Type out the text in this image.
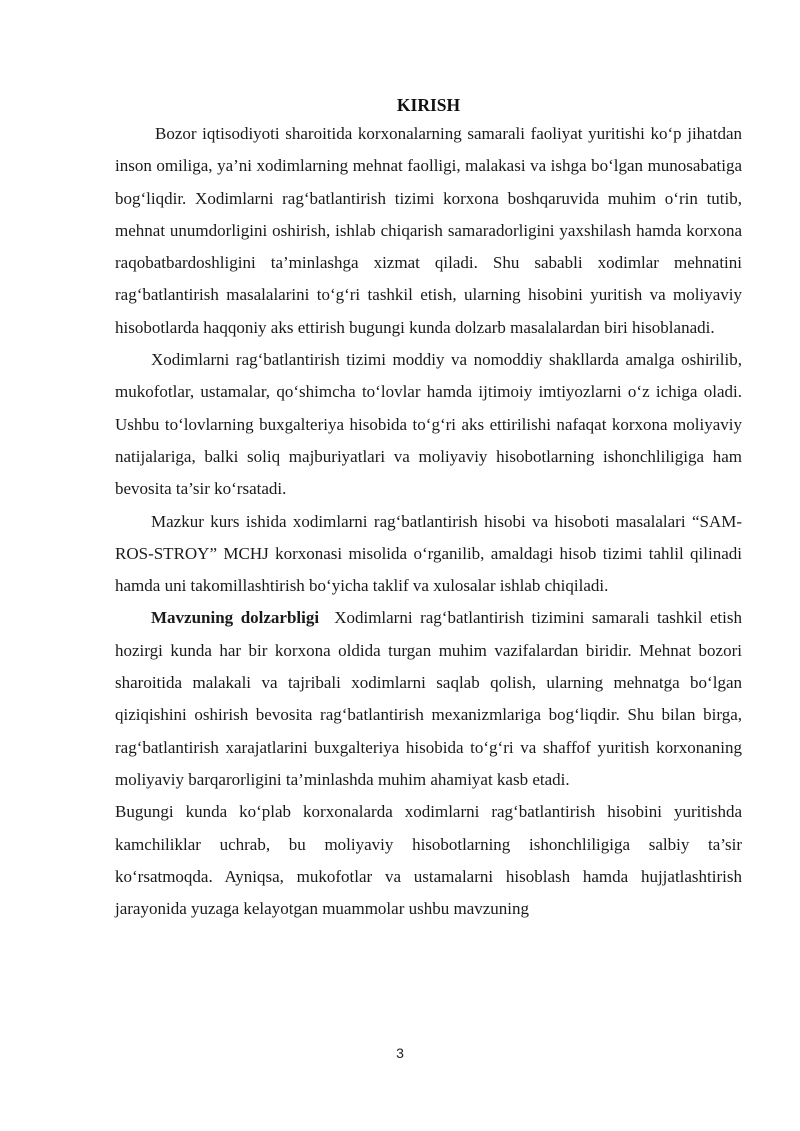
KIRISH

Bozor iqtisodiyoti sharoitida korxonalarning samarali faoliyat yuritishi ko‘p jihatdan inson omiliga, ya’ni xodimlarning mehnat faolligi, malakasi va ishga bo‘lgan munosabatiga bog‘liqdir. Xodimlarni rag‘batlantirish tizimi korxona boshqaruvida muhim o‘rin tutib, mehnat unumdorligini oshirish, ishlab chiqarish samaradorligini yaxshilash hamda korxona raqobatbardoshligini ta’minlashga xizmat qiladi. Shu sababli xodimlar mehnatini rag‘batlantirish masalalarini to‘g‘ri tashkil etish, ularning hisobini yuritish va moliyaviy hisobotlarda haqqoniy aks ettirish bugungi kunda dolzarb masalalardan biri hisoblanadi.

Xodimlarni rag‘batlantirish tizimi moddiy va nomoddiy shakllarda amalga oshirilib, mukofotlar, ustamalar, qo‘shimcha to‘lovlar hamda ijtimoiy imtiyozlarni o‘z ichiga oladi. Ushbu to‘lovlarning buxgalteriya hisobida to‘g‘ri aks ettirilishi nafaqat korxona moliyaviy natijalariga, balki soliq majburiyatlari va moliyaviy hisobotlarning ishonchliligiga ham bevosita ta’sir ko‘rsatadi.

Mazkur kurs ishida xodimlarni rag‘batlantirish hisobi va hisoboti masalalari “SAM-ROS-STROY” MCHJ korxonasi misolida o‘rganilib, amaldagi hisob tizimi tahlil qilinadi hamda uni takomillashtirish bo‘yicha taklif va xulosalar ishlab chiqiladi.

Mavzuning dolzarbligi Xodimlarni rag‘batlantirish tizimini samarali tashkil etish hozirgi kunda har bir korxona oldida turgan muhim vazifalardan biridir. Mehnat bozori sharoitida malakali va tajribali xodimlarni saqlab qolish, ularning mehnatga bo‘lgan qiziqishini oshirish bevosita rag‘batlantirish mexanizmlariga bog‘liqdir. Shu bilan birga, rag‘batlantirish xarajatlarini buxgalteriya hisobida to‘g‘ri va shaffof yuritish korxonaning moliyaviy barqarorligini ta’minlashda muhim ahamiyat kasb etadi.

Bugungi kunda ko‘plab korxonalarda xodimlarni rag‘batlantirish hisobini yuritishda kamchiliklar uchrab, bu moliyaviy hisobotlarning ishonchliligiga salbiy ta’sir ko‘rsatmoqda. Ayniqsa, mukofotlar va ustamalarni hisoblash hamda hujjatlashtirish jarayonida yuzaga kelayotgan muammolar ushbu mavzuning

3
